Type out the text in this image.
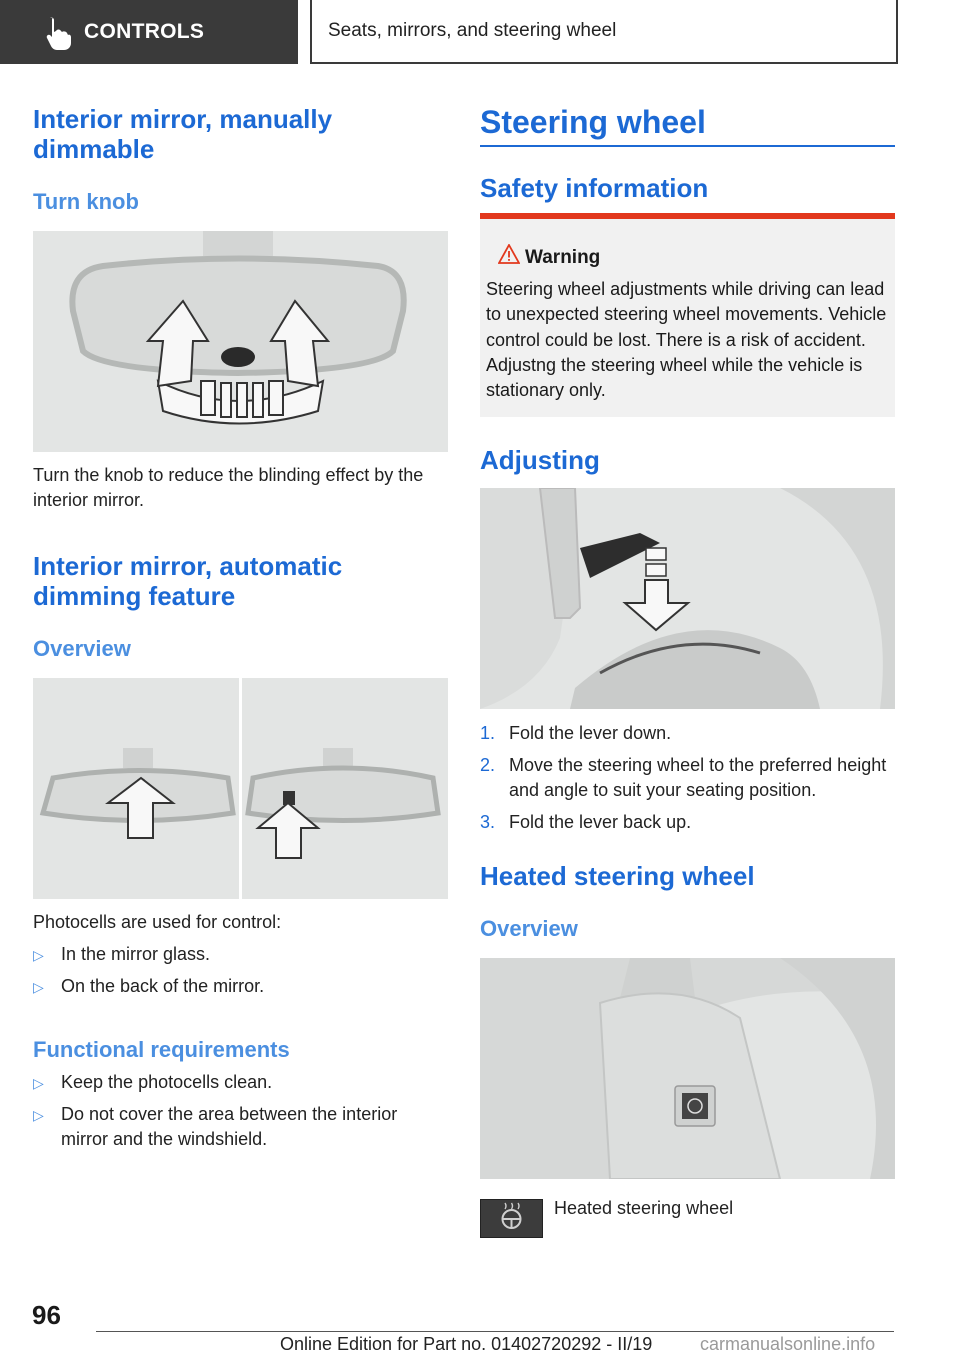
CONTROLS	Seats, mirrors, and steering wheel
Interior mirror, manually dimmable
Turn knob
Turn the knob to reduce the blinding effect by the interior mirror.
Interior mirror, automatic dimming feature
Overview
Photocells are used for control:
▷ In the mirror glass.
▷ On the back of the mirror.
Functional requirements
▷ Keep the photocells clean.
▷ Do not cover the area between the interior mirror and the windshield.
Steering wheel
Safety information
Warning
Steering wheel adjustments while driving can lead to unexpected steering wheel movements. Vehicle control could be lost. There is a risk of accident. Adjustng the steering wheel while the vehicle is stationary only.
Adjusting
1. Fold the lever down.
2. Move the steering wheel to the preferred height and angle to suit your seating position.
3. Fold the lever back up.
Heated steering wheel
Overview
Heated steering wheel
96
Online Edition for Part no. 01402720292 - II/19	carmanualsonline.info
